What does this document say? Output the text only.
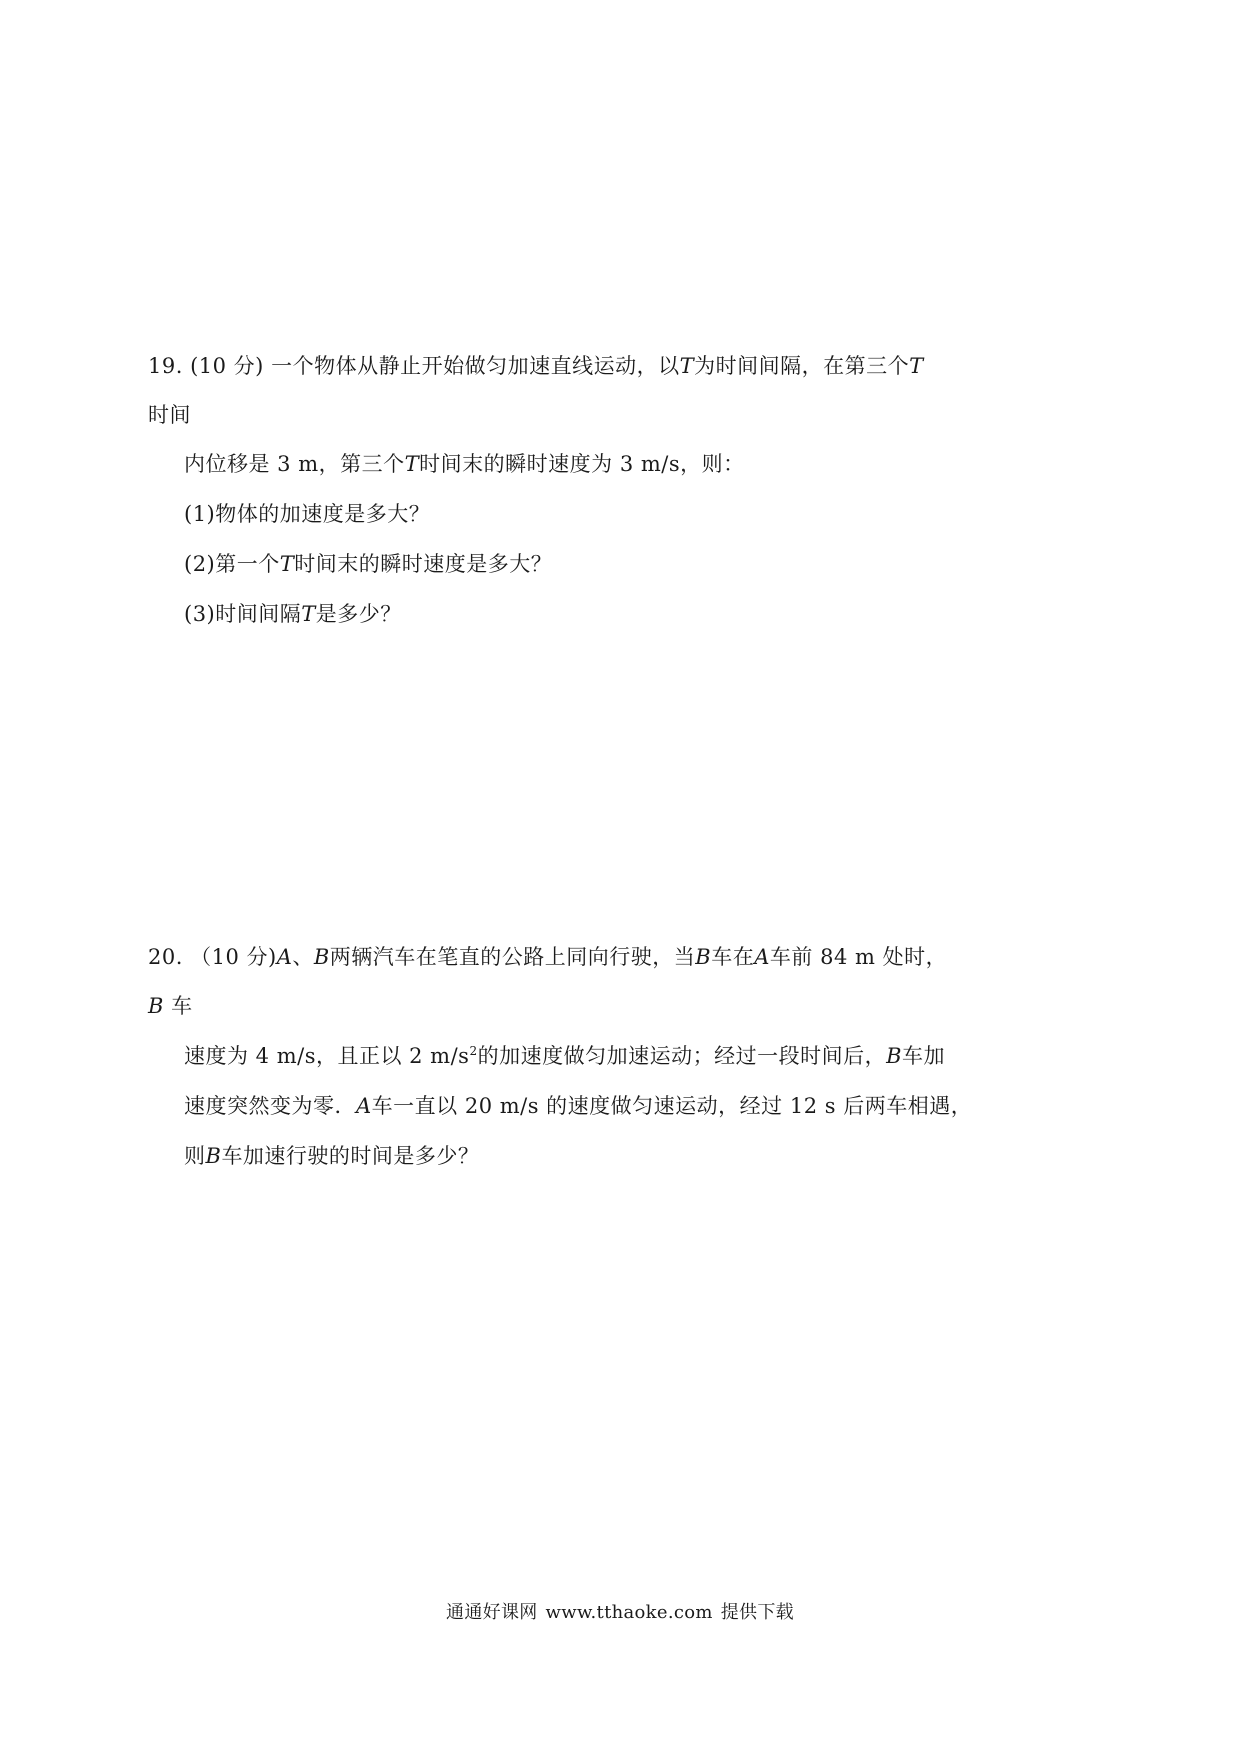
19. (10 分) 一个物体从静止开始做匀加速直线运动，以T为时间间隔，在第三个T
时间
内位移是 3 m，第三个T时间末的瞬时速度为 3 m/s，则：
(1)物体的加速度是多大？
(2)第一个T时间末的瞬时速度是多大？
(3)时间间隔T是多少？
20. （10 分)A、B两辆汽车在笔直的公路上同向行驶，当B车在A车前 84 m 处时，
B 车
速度为 4 m/s，且正以 2 $m/s^2$的加速度做匀加速运动；经过一段时间后，B车加
速度突然变为零．A车一直以 20 m/s 的速度做匀速运动，经过 12 s 后两车相遇，
则B车加速行驶的时间是多少？
通通好课网 www.tthaoke.com 提供下载
